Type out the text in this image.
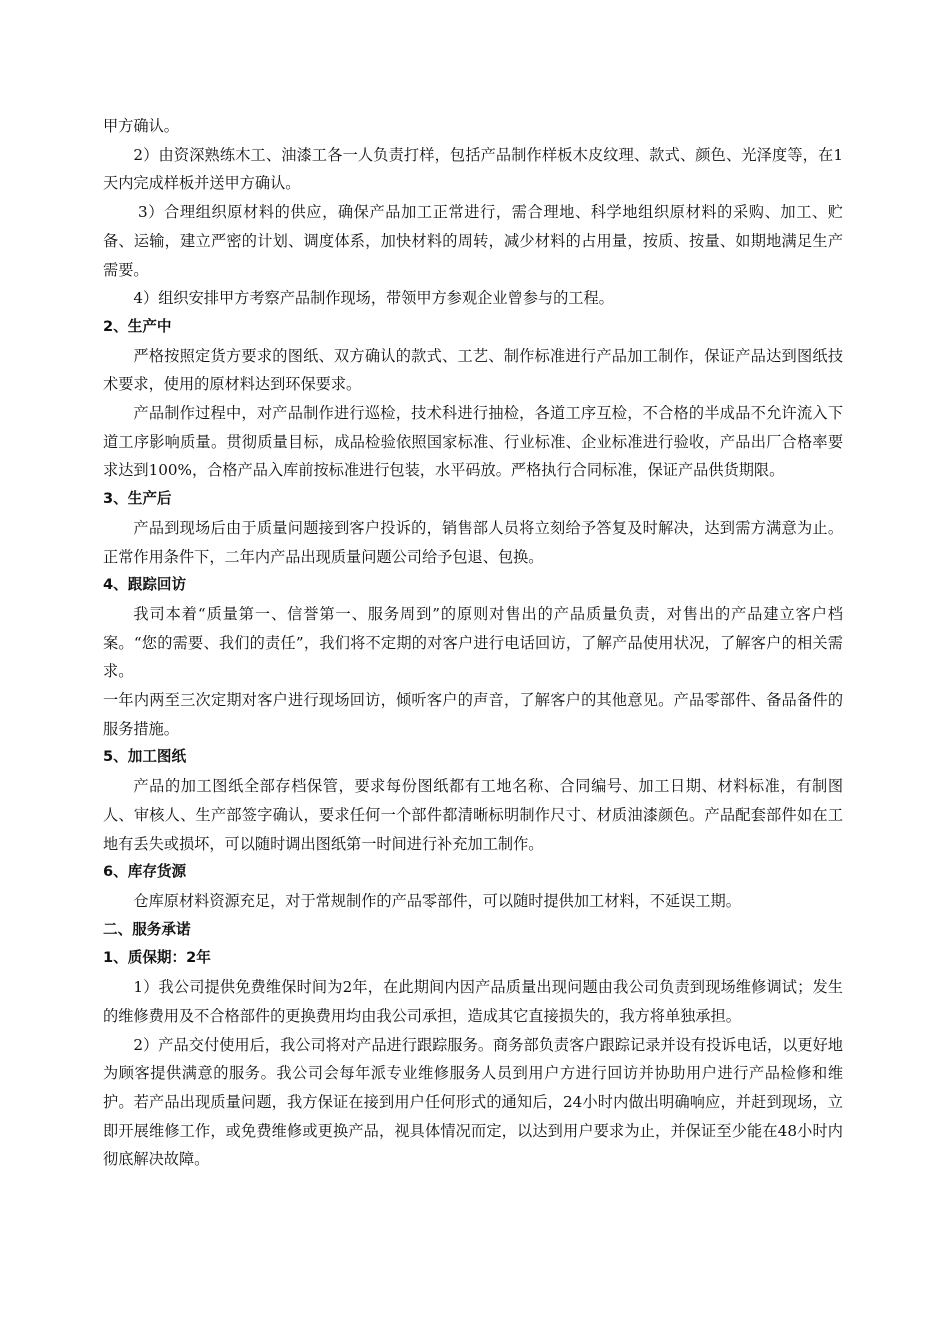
甲方确认。

2）由资深熟练木工、油漆工各一人负责打样，包括产品制作样板木皮纹理、款式、颜色、光泽度等，在1天内完成样板并送甲方确认。

3）合理组织原材料的供应，确保产品加工正常进行，需合理地、科学地组织原材料的采购、加工、贮备、运输，建立严密的计划、调度体系，加快材料的周转，减少材料的占用量，按质、按量、如期地满足生产需要。

4）组织安排甲方考察产品制作现场，带领甲方参观企业曾参与的工程。

2、生产中

严格按照定货方要求的图纸、双方确认的款式、工艺、制作标准进行产品加工制作，保证产品达到图纸技术要求，使用的原材料达到环保要求。

产品制作过程中，对产品制作进行巡检，技术科进行抽检，各道工序互检，不合格的半成品不允许流入下道工序影响质量。贯彻质量目标，成品检验依照国家标准、行业标准、企业标准进行验收，产品出厂合格率要求达到100%，合格产品入库前按标准进行包装，水平码放。严格执行合同标准，保证产品供货期限。

3、生产后

产品到现场后由于质量问题接到客户投诉的，销售部人员将立刻给予答复及时解决，达到需方满意为止。正常作用条件下，二年内产品出现质量问题公司给予包退、包换。

4、跟踪回访

我司本着“质量第一、信誉第一、服务周到”的原则对售出的产品质量负责，对售出的产品建立客户档案。“您的需要、我们的责任”，我们将不定期的对客户进行电话回访，了解产品使用状况，了解客户的相关需求。

一年内两至三次定期对客户进行现场回访，倾听客户的声音，了解客户的其他意见。产品零部件、备品备件的服务措施。

5、加工图纸

产品的加工图纸全部存档保管，要求每份图纸都有工地名称、合同编号、加工日期、材料标准，有制图人、审核人、生产部签字确认，要求任何一个部件都清晰标明制作尺寸、材质油漆颜色。产品配套部件如在工地有丢失或损坏，可以随时调出图纸第一时间进行补充加工制作。

6、库存货源

仓库原材料资源充足，对于常规制作的产品零部件，可以随时提供加工材料，不延误工期。

二、服务承诺
1、质保期：2年

1）我公司提供免费维保时间为2年，在此期间内因产品质量出现问题由我公司负责到现场维修调试；发生的维修费用及不合格部件的更换费用均由我公司承担，造成其它直接损失的，我方将单独承担。

2）产品交付使用后，我公司将对产品进行跟踪服务。商务部负责客户跟踪记录并设有投诉电话，以更好地为顾客提供满意的服务。我公司会每年派专业维修服务人员到用户方进行回访并协助用户进行产品检修和维护。若产品出现质量问题，我方保证在接到用户任何形式的通知后，24小时内做出明确响应，并赶到现场，立即开展维修工作，或免费维修或更换产品，视具体情况而定，以达到用户要求为止，并保证至少能在48小时内彻底解决故障。
